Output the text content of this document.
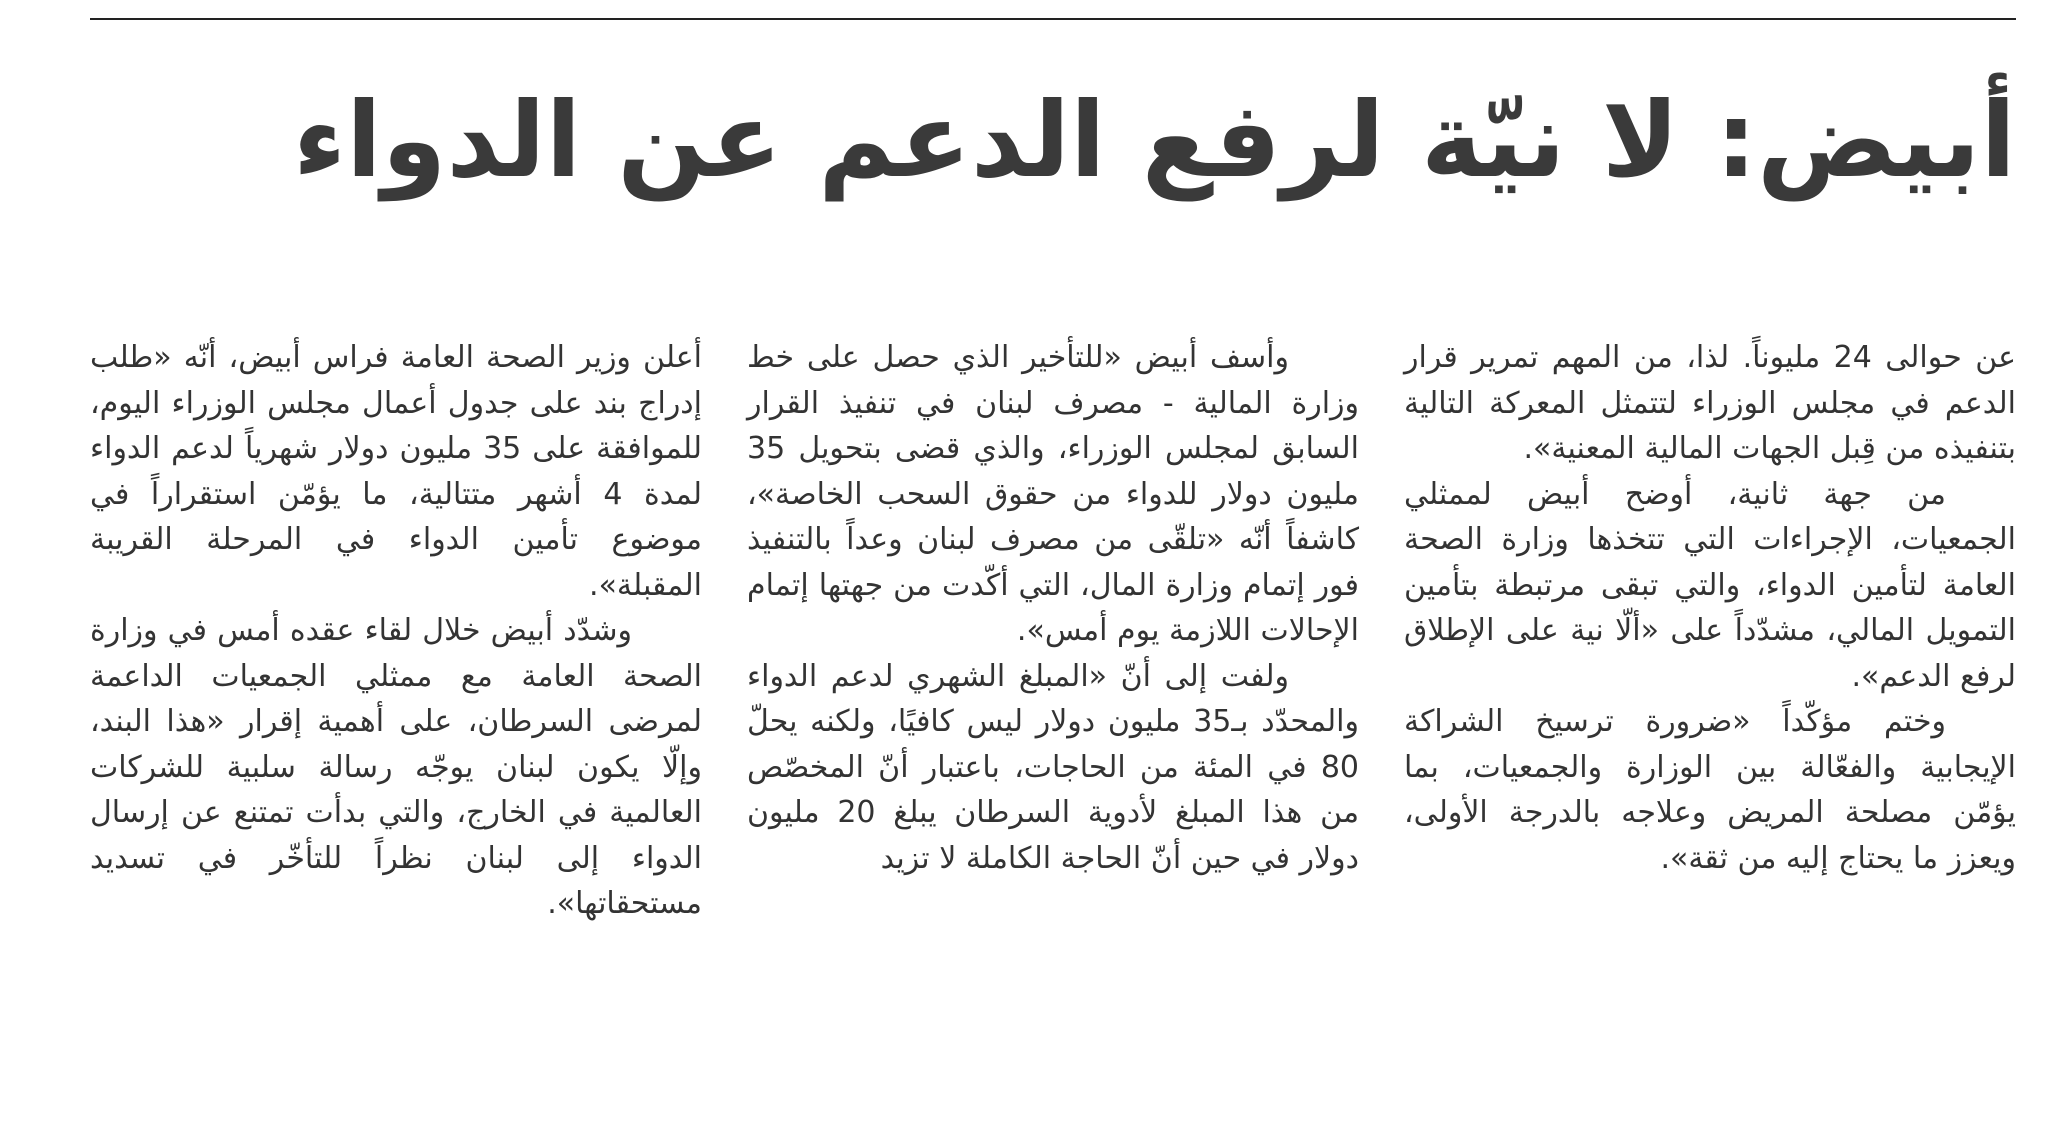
أبيض: لا نيّة لرفع الدعم عن الدواء

أعلن وزير الصحة العامة فراس أبيض، أنّه «طلب إدراج بند على جدول أعمال مجلس الوزراء اليوم، للموافقة على 35 مليون دولار شهرياً لدعم الدواء لمدة 4 أشهر متتالية، ما يؤمّن استقراراً في موضوع تأمين الدواء في المرحلة القريبة المقبلة».

وشدّد أبيض خلال لقاء عقده أمس في وزارة الصحة العامة مع ممثلي الجمعيات الداعمة لمرضى السرطان، على أهمية إقرار «هذا البند، وإلّا يكون لبنان يوجّه رسالة سلبية للشركات العالمية في الخارج، والتي بدأت تمتنع عن إرسال الدواء إلى لبنان نظراً للتأخّر في تسديد مستحقاتها».

وأسف أبيض «للتأخير الذي حصل على خط وزارة المالية - مصرف لبنان في تنفيذ القرار السابق لمجلس الوزراء، والذي قضى بتحويل 35 مليون دولار للدواء من حقوق السحب الخاصة»، كاشفاً أنّه «تلقّى من مصرف لبنان وعداً بالتنفيذ فور إتمام وزارة المال، التي أكّدت من جهتها إتمام الإحالات اللازمة يوم أمس».

ولفت إلى أنّ «المبلغ الشهري لدعم الدواء والمحدّد بـ35 مليون دولار ليس كافيًا، ولكنه يحلّ 80 في المئة من الحاجات، باعتبار أنّ المخصّص من هذا المبلغ لأدوية السرطان يبلغ 20 مليون دولار في حين أنّ الحاجة الكاملة لا تزيد

عن حوالى 24 مليوناً. لذا، من المهم تمرير قرار الدعم في مجلس الوزراء لتتمثل المعركة التالية بتنفيذه من قِبل الجهات المالية المعنية».

من جهة ثانية، أوضح أبيض لممثلي الجمعيات، الإجراءات التي تتخذها وزارة الصحة العامة لتأمين الدواء، والتي تبقى مرتبطة بتأمين التمويل المالي، مشدّداً على «ألّا نية على الإطلاق لرفع الدعم».

وختم مؤكّداً «ضرورة ترسيخ الشراكة الإيجابية والفعّالة بين الوزارة والجمعيات، بما يؤمّن مصلحة المريض وعلاجه بالدرجة الأولى، ويعزز ما يحتاج إليه من ثقة».
